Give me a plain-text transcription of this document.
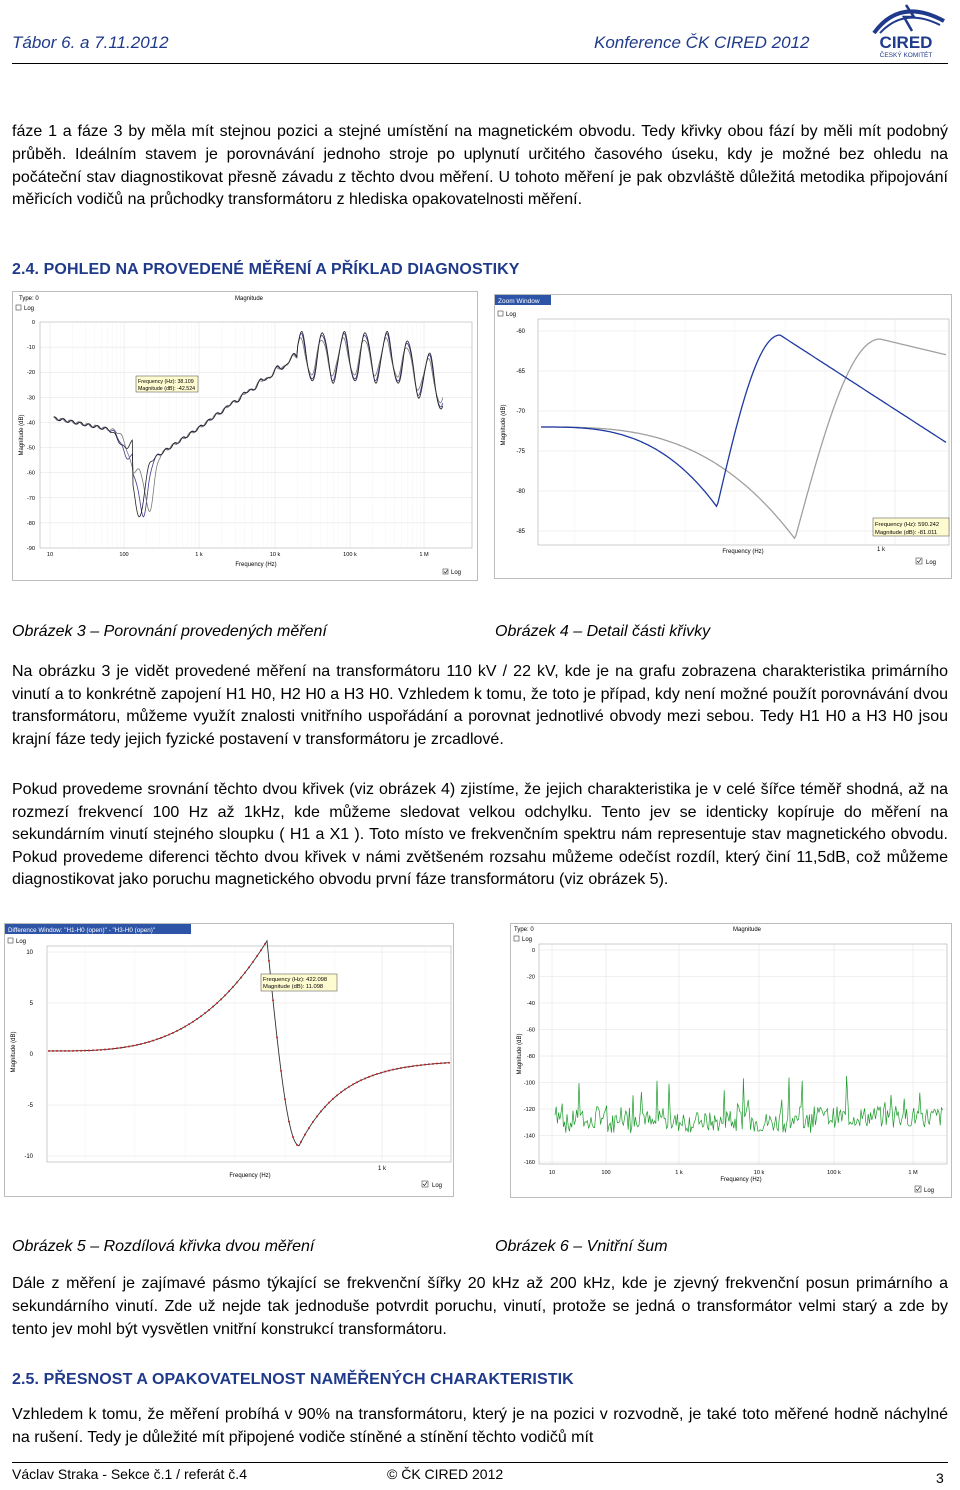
Tábor 6. a 7.11.2012	Konference ČK CIRED 2012	CIRED
ČESKÝ KOMITÉT
fáze 1 a fáze 3 by měla mít stejnou pozici a stejné umístění na magnetickém obvodu. Tedy křivky obou fází by měli mít podobný průběh. Ideálním stavem je porovnávání jednoho stroje po uplynutí určitého časového úseku, kdy je možné bez ohledu na počáteční stav diagnostikovat přesně závadu z těchto dvou měření. U tohoto měření je pak obzvláště důležitá metodika připojování měřicích vodičů na průchodky transformátoru z hlediska opakovatelnosti měření.
2.4. POHLED NA PROVEDENÉ MĚŘENÍ A PŘÍKLAD DIAGNOSTIKY
Type: 0
Log
Magnitude
0
-10
-20
-30
-40
-50
-60
-70
-80
-90
10	100	1 k	10 k	100 k	1 M
Magnitude (dB)
Frequency (Hz)
Frequency (Hz): 38.109
Magnitude (dB): -42.524
Log
Zoom Window
Log
-60
-65
-70
-75
-80
-85
1 k
Magnitude (dB)
Frequency (Hz)
Frequency (Hz): 590.242
Magnitude (dB): -81.011
Log
Obrázek 3 – Porovnání provedených měření	Obrázek 4 – Detail části křivky
Na obrázku 3 je vidět provedené měření na transformátoru 110 kV / 22 kV, kde je na grafu zobrazena charakteristika primárního vinutí a to konkrétně zapojení H1 H0, H2 H0 a H3 H0. Vzhledem k tomu, že toto je případ, kdy není možné použít porovnávání dvou transformátoru, můžeme využít znalosti vnitřního uspořádání a porovnat jednotlivé obvody mezi sebou. Tedy H1 H0 a H3 H0 jsou krajní fáze tedy jejich fyzické postavení v transformátoru je zrcadlové.
Pokud provedeme srovnání těchto dvou křivek (viz obrázek 4) zjistíme, že jejich charakteristika je v celé šířce téměř shodná, až na rozmezí frekvencí 100 Hz až 1kHz, kde můžeme sledovat velkou odchylku. Tento jev se identicky kopíruje do měření na sekundárním vinutí stejného sloupku ( H1 a X1 ). Toto místo ve frekvenčním spektru nám representuje stav magnetického obvodu. Pokud provedeme diferenci těchto dvou křivek v námi zvětšeném rozsahu můžeme odečíst rozdíl, který činí 11,5dB, což můžeme diagnostikovat jako poruchu magnetického obvodu první fáze transformátoru (viz obrázek 5).
Difference Window: "H1-H0 (open)" - "H3-H0 (open)"
Log
10
5
0
-5
-10
1 k
Magnitude (dB)
Frequency (Hz)
Frequency (Hz): 422.098
Magnitude (dB): 11.098
Log
Type: 0
Log
Magnitude
0
-20
-40
-60
-80
-100
-120
-140
-160
10	100	1 k	10 k	100 k	1 M
Magnitude (dB)
Frequency (Hz)
Log
Obrázek 5 – Rozdílová křivka dvou měření	Obrázek 6 – Vnitřní šum
Dále z měření je zajímavé pásmo týkající se frekvenční šířky 20 kHz až 200 kHz, kde je zjevný frekvenční posun primárního a sekundárního vinutí. Zde už nejde tak jednoduše potvrdit poruchu, vinutí, protože se jedná o transformátor velmi starý a zde by tento jev mohl být vysvětlen vnitřní konstrukcí transformátoru.
2.5. PŘESNOST A OPAKOVATELNOST NAMĚŘENÝCH CHARAKTERISTIK
Vzhledem k tomu, že měření probíhá v 90% na transformátoru, který je na pozici v rozvodně, je také toto měřené hodně náchylné na rušení. Tedy je důležité mít připojené vodiče stíněné a stínění těchto vodičů mít
Václav Straka - Sekce č.1 / referát č.4	© ČK CIRED 2012	3
